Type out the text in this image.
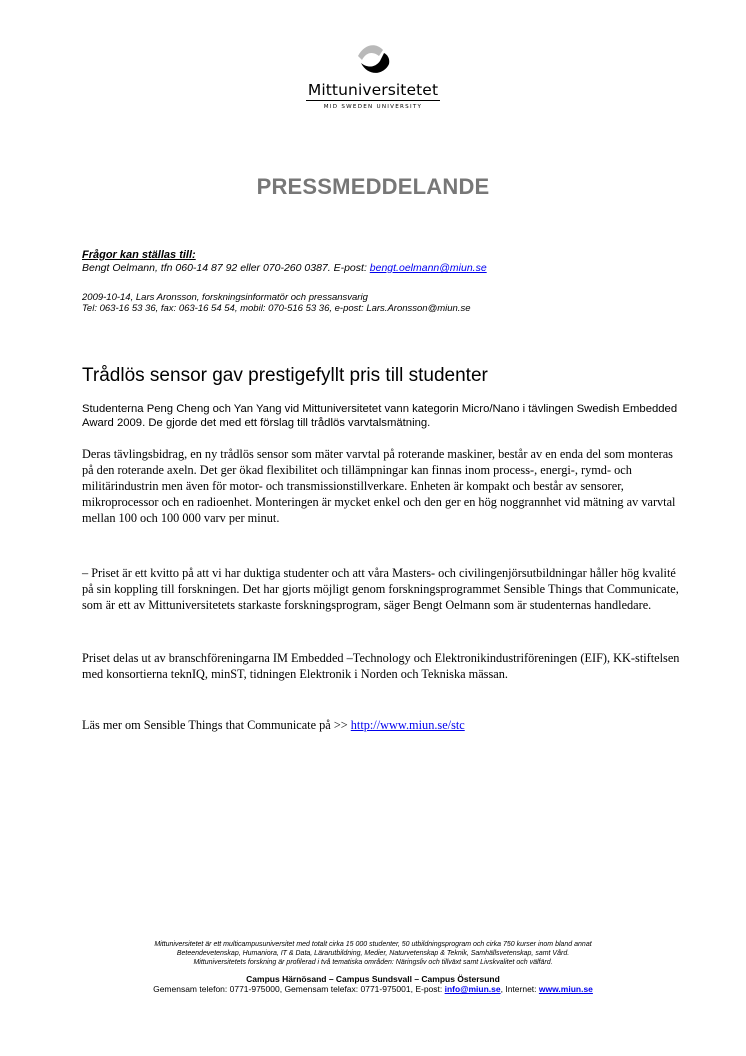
Mittuniversitetet
MID SWEDEN UNIVERSITY
PRESSMEDDELANDE
Frågor kan ställas till:
Bengt Oelmann, tfn 060-14 87 92 eller 070-260 0387. E-post: bengt.oelmann@miun.se
2009-10-14, Lars Aronsson, forskningsinformatör och pressansvarig
Tel: 063-16 53 36, fax: 063-16 54 54, mobil: 070-516 53 36, e-post: Lars.Aronsson@miun.se
Trådlös sensor gav prestigefyllt pris till studenter
Studenterna Peng Cheng och Yan Yang vid Mittuniversitetet vann kategorin Micro/Nano i tävlingen Swedish Embedded Award 2009. De gjorde det med ett förslag till trådlös varvtalsmätning.
Deras tävlingsbidrag, en ny trådlös sensor som mäter varvtal på roterande maskiner, består av en enda del som monteras på den roterande axeln. Det ger ökad flexibilitet och tillämpningar kan finnas inom process-, energi-, rymd- och militärindustrin men även för motor- och transmissionstillverkare. Enheten är kompakt och består av sensorer, mikroprocessor och en radioenhet. Monteringen är mycket enkel och den ger en hög noggrannhet vid mätning av varvtal mellan 100 och 100 000 varv per minut.
– Priset är ett kvitto på att vi har duktiga studenter och att våra Masters- och civilingenjörsutbildningar håller hög kvalité på sin koppling till forskningen. Det har gjorts möjligt genom forskningsprogrammet Sensible Things that Communicate, som är ett av Mittuniversitetets starkaste forskningsprogram, säger Bengt Oelmann som är studenternas handledare.
Priset delas ut av branschföreningarna IM Embedded –Technology och Elektronikindustriföreningen (EIF), KK-stiftelsen med konsortierna teknIQ, minST, tidningen Elektronik i Norden och Tekniska mässan.
Läs mer om Sensible Things that Communicate på >> http://www.miun.se/stc
Mittuniversitetet är ett multicampusuniversitet med totalt cirka 15 000 studenter, 50 utbildningsprogram och cirka 750 kurser inom bland annat
Beteendevetenskap, Humaniora, IT & Data, Lärarutbildning, Medier, Naturvetenskap & Teknik, Samhällsvetenskap, samt Vård.
Mittuniversitetets forskning är profilerad i två tematiska områden: Näringsliv och tillväxt samt Livskvalitet och välfärd.
Campus Härnösand – Campus Sundsvall – Campus Östersund
Gemensam telefon: 0771-975000, Gemensam telefax: 0771-975001, E-post: info@miun.se, Internet: www.miun.se
